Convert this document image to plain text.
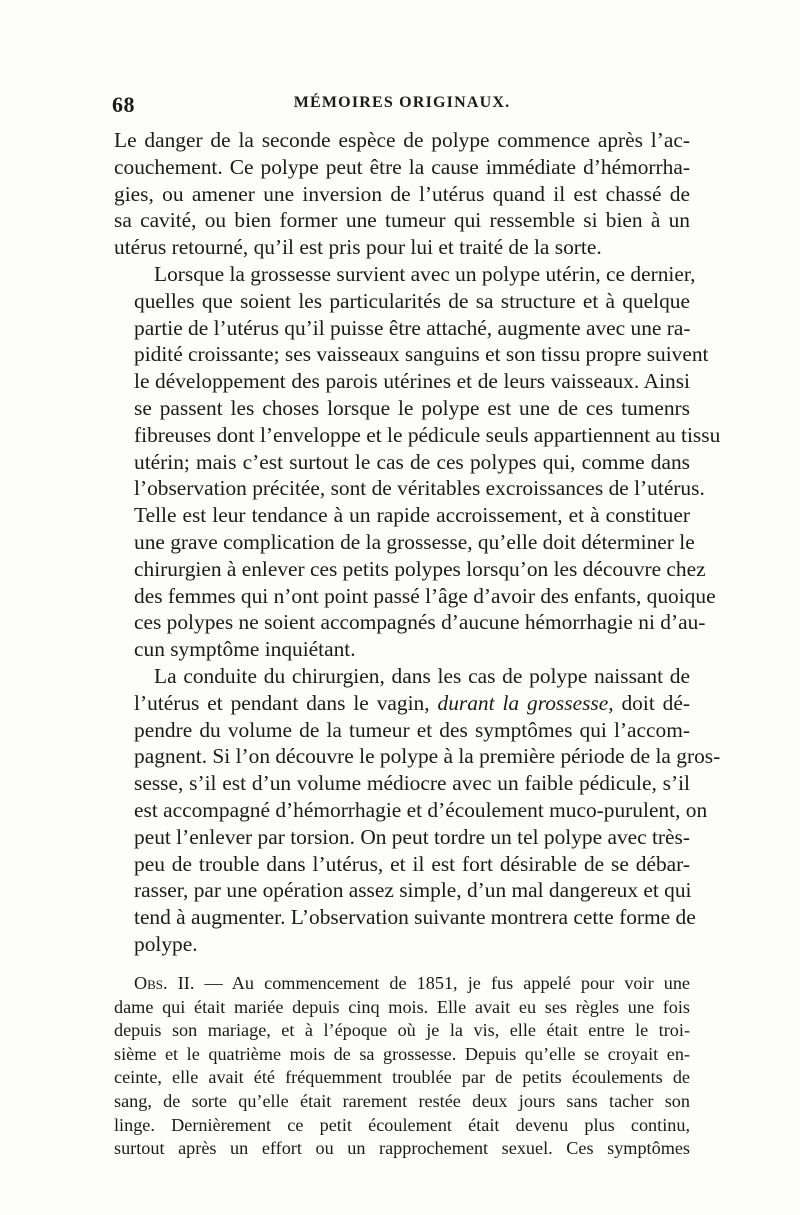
68	MÉMOIRES ORIGINAUX.
Le danger de la seconde espèce de polype commence après l’ac-
couchement. Ce polype peut être la cause immédiate d’hémorrha-
gies, ou amener une inversion de l’utérus quand il est chassé de
sa cavité, ou bien former une tumeur qui ressemble si bien à un
utérus retourné, qu’il est pris pour lui et traité de la sorte.
Lorsque la grossesse survient avec un polype utérin, ce dernier,
quelles que soient les particularités de sa structure et à quelque
partie de l’utérus qu’il puisse être attaché, augmente avec une ra-
pidité croissante; ses vaisseaux sanguins et son tissu propre suivent
le développement des parois utérines et de leurs vaisseaux. Ainsi
se passent les choses lorsque le polype est une de ces tumenrs
fibreuses dont l’enveloppe et le pédicule seuls appartiennent au tissu
utérin; mais c’est surtout le cas de ces polypes qui, comme dans
l’observation précitée, sont de véritables excroissances de l’utérus.
Telle est leur tendance à un rapide accroissement, et à constituer
une grave complication de la grossesse, qu’elle doit déterminer le
chirurgien à enlever ces petits polypes lorsqu’on les découvre chez
des femmes qui n’ont point passé l’âge d’avoir des enfants, quoique
ces polypes ne soient accompagnés d’aucune hémorrhagie ni d’au-
cun symptôme inquiétant.
La conduite du chirurgien, dans les cas de polype naissant de
l’utérus et pendant dans le vagin, durant la grossesse, doit dé-
pendre du volume de la tumeur et des symptômes qui l’accom-
pagnent. Si l’on découvre le polype à la première période de la gros-
sesse, s’il est d’un volume médiocre avec un faible pédicule, s’il
est accompagné d’hémorrhagie et d’écoulement muco-purulent, on
peut l’enlever par torsion. On peut tordre un tel polype avec très-
peu de trouble dans l’utérus, et il est fort désirable de se débar-
rasser, par une opération assez simple, d’un mal dangereux et qui
tend à augmenter. L’observation suivante montrera cette forme de
polype.
Obs. II. — Au commencement de 1851, je fus appelé pour voir une
dame qui était mariée depuis cinq mois. Elle avait eu ses règles une fois
depuis son mariage, et à l’époque où je la vis, elle était entre le troi-
sième et le quatrième mois de sa grossesse. Depuis qu’elle se croyait en-
ceinte, elle avait été fréquemment troublée par de petits écoulements de
sang, de sorte qu’elle était rarement restée deux jours sans tacher son
linge. Dernièrement ce petit écoulement était devenu plus continu,
surtout après un effort ou un rapprochement sexuel. Ces symptômes
